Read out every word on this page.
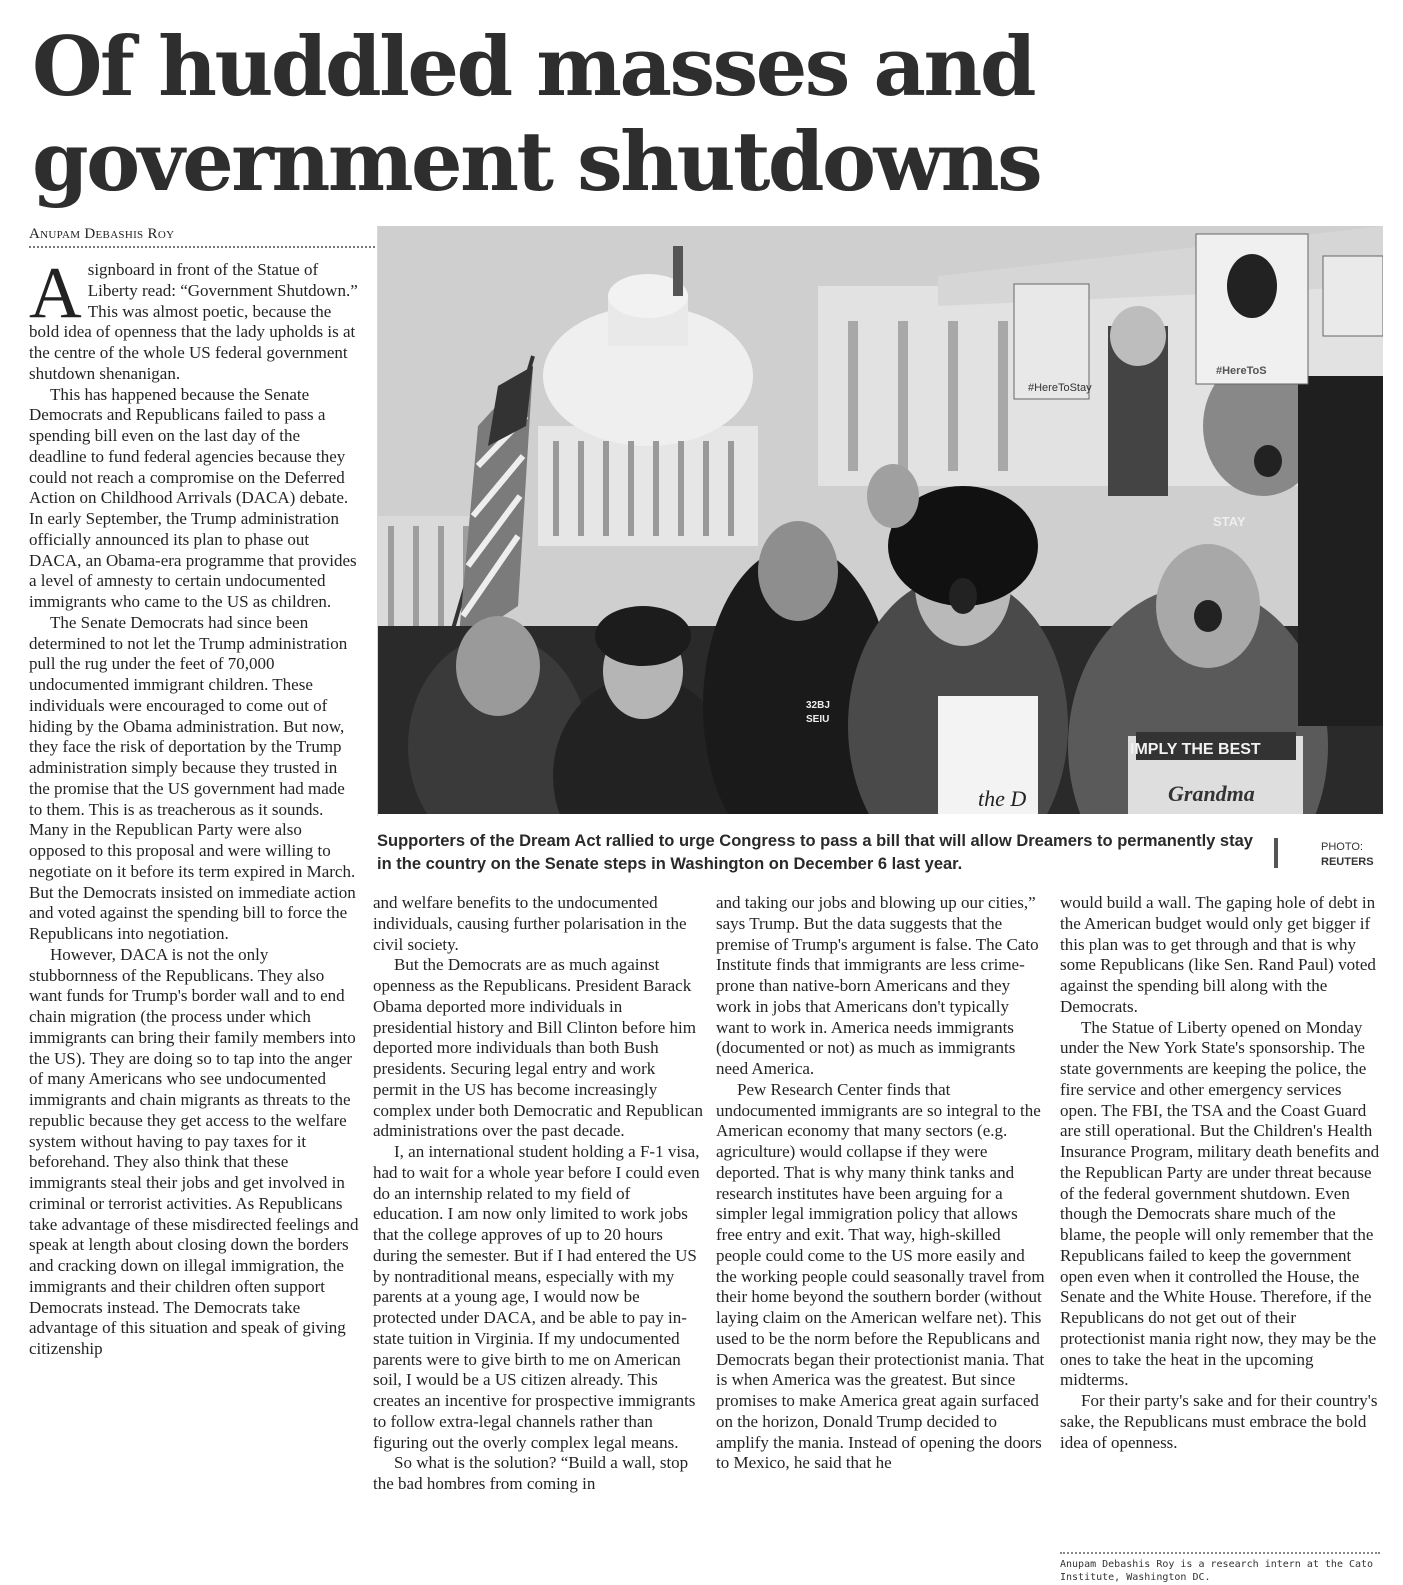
Of huddled masses and government shutdowns
Anupam Debashis Roy

Asignboard in front of the Statue of Liberty read: “Government Shutdown.” This was almost poetic, because the bold idea of openness that the lady upholds is at the centre of the whole US federal government shutdown shenanigan.

This has happened because the Senate Democrats and Republicans failed to pass a spending bill even on the last day of the deadline to fund federal agencies because they could not reach a compromise on the Deferred Action on Childhood Arrivals (DACA) debate. In early September, the Trump administration officially announced its plan to phase out DACA, an Obama-era programme that provides a level of amnesty to certain undocumented immigrants who came to the US as children.

The Senate Democrats had since been determined to not let the Trump administration pull the rug under the feet of 70,000 undocumented immigrant children. These individuals were encouraged to come out of hiding by the Obama administration. But now, they face the risk of deportation by the Trump administration simply because they trusted in the promise that the US government had made to them. This is as treacherous as it sounds. Many in the Republican Party were also opposed to this proposal and were willing to negotiate on it before its term expired in March. But the Democrats insisted on immediate action and voted against the spending bill to force the Republicans into negotiation.

However, DACA is not the only stubbornness of the Republicans. They also want funds for Trump's border wall and to end chain migration (the process under which immigrants can bring their family members into the US). They are doing so to tap into the anger of many Americans who see undocumented immigrants and chain migrants as threats to the republic because they get access to the welfare system without having to pay taxes for it beforehand. They also think that these immigrants steal their jobs and get involved in criminal or terrorist activities. As Republicans take advantage of these misdirected feelings and speak at length about closing down the borders and cracking down on illegal immigration, the immigrants and their children often support Democrats instead. The Democrats take advantage of this situation and speak of giving citizenship

#HereToStay
#HereToS
IMPLY THE BEST
Grandma
32BJ
SEIU
STAY
the D
Supporters of the Dream Act rallied to urge Congress to pass a bill that will allow Dreamers to permanently stay in the country on the Senate steps in Washington on December 6 last year.
PHOTO:
REUTERS

and welfare benefits to the undocumented individuals, causing further polarisation in the civil society.

But the Democrats are as much against openness as the Republicans. President Barack Obama deported more individuals in presidential history and Bill Clinton before him deported more individuals than both Bush presidents. Securing legal entry and work permit in the US has become increasingly complex under both Democratic and Republican administrations over the past decade.

I, an international student holding a F-1 visa, had to wait for a whole year before I could even do an internship related to my field of education. I am now only limited to work jobs that the college approves of up to 20 hours during the semester. But if I had entered the US by nontraditional means, especially with my parents at a young age, I would now be protected under DACA, and be able to pay in-state tuition in Virginia. If my undocumented parents were to give birth to me on American soil, I would be a US citizen already. This creates an incentive for prospective immigrants to follow extra-legal channels rather than figuring out the overly complex legal means.

So what is the solution? “Build a wall, stop the bad hombres from coming in

and taking our jobs and blowing up our cities,” says Trump. But the data suggests that the premise of Trump's argument is false. The Cato Institute finds that immigrants are less crime-prone than native-born Americans and they work in jobs that Americans don't typically want to work in. America needs immigrants (documented or not) as much as immigrants need America.

Pew Research Center finds that undocumented immigrants are so integral to the American economy that many sectors (e.g. agriculture) would collapse if they were deported. That is why many think tanks and research institutes have been arguing for a simpler legal immigration policy that allows free entry and exit. That way, high-skilled people could come to the US more easily and the working people could seasonally travel from their home beyond the southern border (without laying claim on the American welfare net). This used to be the norm before the Republicans and Democrats began their protectionist mania. That is when America was the greatest. But since promises to make America great again surfaced on the horizon, Donald Trump decided to amplify the mania. Instead of opening the doors to Mexico, he said that he

would build a wall. The gaping hole of debt in the American budget would only get bigger if this plan was to get through and that is why some Republicans (like Sen. Rand Paul) voted against the spending bill along with the Democrats.

The Statue of Liberty opened on Monday under the New York State's sponsorship. The state governments are keeping the police, the fire service and other emergency services open. The FBI, the TSA and the Coast Guard are still operational. But the Children's Health Insurance Program, military death benefits and the Republican Party are under threat because of the federal government shutdown. Even though the Democrats share much of the blame, the people will only remember that the Republicans failed to keep the government open even when it controlled the House, the Senate and the White House. Therefore, if the Republicans do not get out of their protectionist mania right now, they may be the ones to take the heat in the upcoming midterms.

For their party's sake and for their country's sake, the Republicans must embrace the bold idea of openness.

Anupam Debashis Roy is a research intern at the Cato Institute, Washington DC.
